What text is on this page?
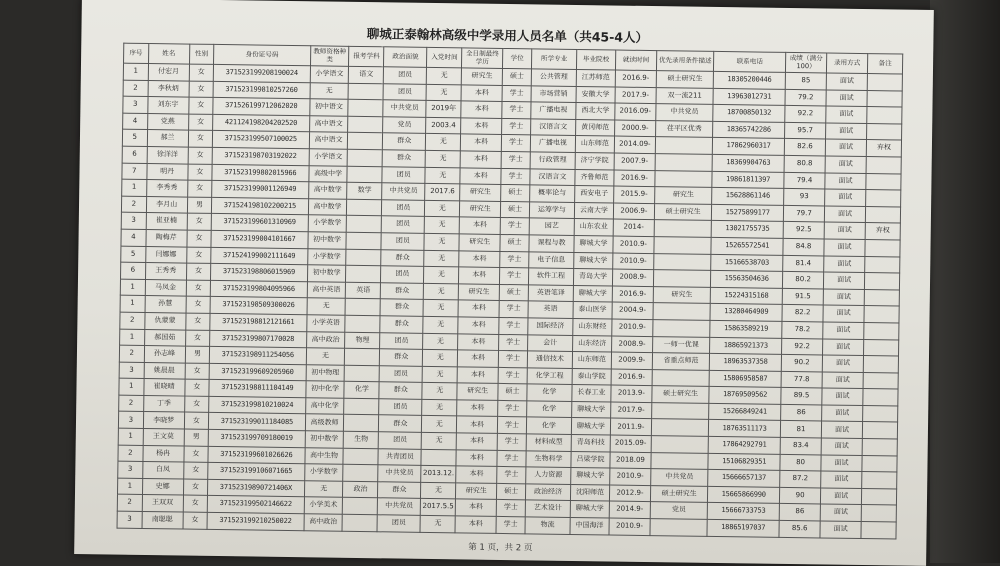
聊城正泰翰林高级中学录用人员名单（共45-4人）
序号	姓名	性别	身份证号码	教师资格种类	报考学科	政治面貌	入党时间	全日制最终学历	学位	所学专业	毕业院校	就读时间	优先录用条件描述	联系电话	成绩（满分100）	录用方式	备注
1	付宏月	女	371523199208190024	小学语文	语文	团员	无	研究生	硕士	公共管理	江苏师范	2016.9-	硕士研究生	18305200446	85	面试	
2	李秋炳	女	371523199810257260	无		团员	无	本科	学士	市场营销	安徽大学	2017.9-	双一流211	13963012731	79.2	面试	
3	刘东宇	女	371526199712062020	初中语文		中共党员	2019年	本科	学士	广播电视	西北大学	2016.09-	中共党员	18700850132	92.2	面试	
4	党燕	女	421124198204202520	高中语文		党员	2003.4	本科	学士	汉语言文	黄冈师范	2000.9-	荏平区优秀	18365742286	95.7	面试	
5	郝兰	女	371523199507100025	高中语文		群众	无	本科	学士	广播电视	山东师范	2014.09-		17862960317	82.6	面试	弃权
6	徐洋洋	女	371523198703192022	小学语文		群众	无	本科	学士	行政管理	济宁学院	2007.9-		18369904763	80.8	面试	
7	明丹	女	371523199802015966	高级中学		团员	无	本科	学士	汉语言文	齐鲁师范	2016.9-		19861811397	79.4	面试	
1	李秀秀	女	371523199001126949	高中数学	数学	中共党员	2017.6	研究生	硕士	概率论与	西安电子	2015.9-	研究生	15628861146	93	面试	
2	李月山	男	371524198102200215	高中数学		团员	无	研究生	硕士	运筹学与	云南大学	2006.9-	硕士研究生	15275899177	79.7	面试	
3	崔亚楠	女	371523199601310969	小学数学		团员	无	本科	学士	园艺	山东农业	2014-		13021755735	92.5	面试	弃权
4	陶梅芹	女	371523199004101667	初中数学		团员	无	研究生	硕士	课程与教	聊城大学	2010.9-		15265572541	84.8	面试	
5	闫娜娜	女	371524199002111649	小学数学		群众	无	本科	学士	电子信息	聊城大学	2010.9-		15166538703	81.4	面试	
6	王秀秀	女	371523198806015969	初中数学		团员	无	本科	学士	软件工程	青岛大学	2008.9-		15563504636	80.2	面试	
1	马凤金	女	371523199804095966	高中英语	英语	群众	无	研究生	硕士	英语笔译	聊城大学	2016.9-	研究生	15224315168	91.5	面试	
1	孙慧	女	371523198509300026	无		群众	无	本科	学士	英语	泰山医学	2004.9-		13280464909	82.2	面试	
2	仇蒙蒙	女	371523198812121661	小学英语		群众	无	本科	学士	国际经济	山东财经	2010.9-		15863589219	78.2	面试	
1	郝国茹	女	371523199807170028	高中政治	物理	团员	无	本科	学士	会计	山东经济	2008.9-	一师一优课	18865921373	92.2	面试	
2	孙志峰	男	371523198911254056	无		群众	无	本科	学士	通信技术	山东师范	2009.9-	省重点师范	18963537358	90.2	面试	
3	姚晨晨	女	371523199609205960	初中物理		团员	无	本科	学士	化学工程	泰山学院	2016.9-		15806958587	77.8	面试	
1	崔晓晴	女	371523198811104149	初中化学	化学	群众	无	研究生	硕士	化学	长春工业	2013.9-	硕士研究生	18769509562	89.5	面试	
2	丁季	女	371523199810210024	高中化学		团员	无	本科	学士	化学	聊城大学	2017.9-		15266849241	86	面试	
3	李晓梦	女	371523199011184085	高级教师		群众	无	本科	学士	化学	聊城大学	2011.9-		18763511173	81	面试	
1	王文莫	男	371523199709180019	初中数学	生物	团员	无	本科	学士	材料成型	青岛科技	2015.09-		17864292791	83.4	面试	
2	杨冉	女	371523199601026626	高中生物		共青团员		本科	学士	生物科学	吕梁学院	2018.09		15106829351	80	面试	
3	白凤	女	371523199106071665	小学数学		中共党员	2013.12.	本科	学士	人力资源	聊城大学	2010.9-	中共党员	15666657137	87.2	面试	
1	史娜	女	37152319890721406X	无	政治	群众	无	研究生	硕士	政治经济	沈阳师范	2012.9-	硕士研究生	15665866990	90	面试	
2	王双双	女	371523199502146622	小学美术		中共党员	2017.5.5	本科	学士	艺术设计	聊城大学	2014.9-	党员	15666733753	86	面试	
3	南聪聪	女	371523199210250022	高中政治		团员	无	本科	学士	物流	中国海洋	2010.9-		18865197037	85.6	面试	
第 1 页，共 2 页
